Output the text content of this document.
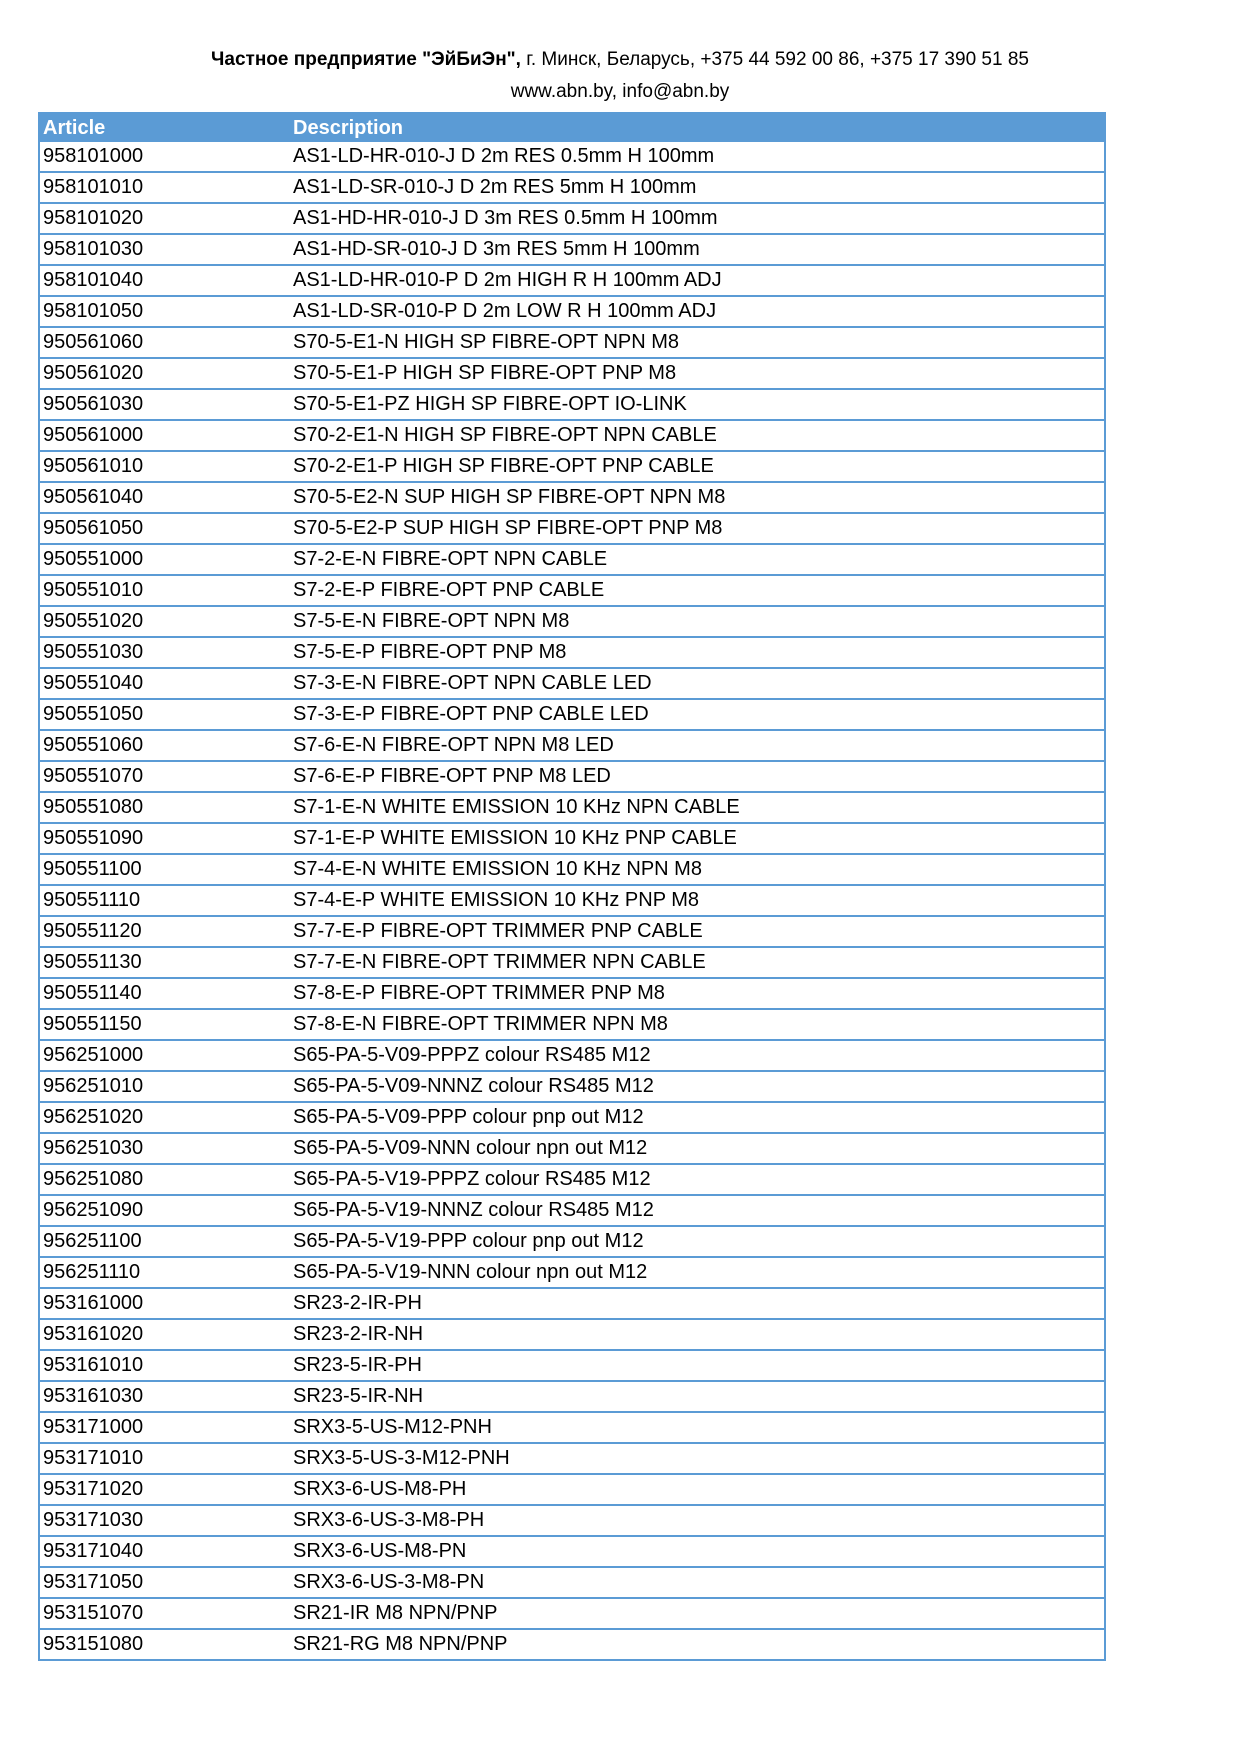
Частное предприятие "ЭйБиЭн", г. Минск, Беларусь, +375 44 592 00 86, +375 17 390 51 85
www.abn.by, info@abn.by
Article	Description
958101000	AS1-LD-HR-010-J D 2m RES 0.5mm H 100mm
958101010	AS1-LD-SR-010-J D 2m RES 5mm H 100mm
958101020	AS1-HD-HR-010-J D 3m RES 0.5mm H 100mm
958101030	AS1-HD-SR-010-J D 3m RES 5mm H 100mm
958101040	AS1-LD-HR-010-P D 2m HIGH R H 100mm ADJ
958101050	AS1-LD-SR-010-P D 2m LOW R H 100mm ADJ
950561060	S70-5-E1-N HIGH SP FIBRE-OPT NPN M8
950561020	S70-5-E1-P HIGH SP FIBRE-OPT PNP M8
950561030	S70-5-E1-PZ HIGH SP FIBRE-OPT IO-LINK
950561000	S70-2-E1-N HIGH SP FIBRE-OPT NPN CABLE
950561010	S70-2-E1-P HIGH SP FIBRE-OPT PNP CABLE
950561040	S70-5-E2-N SUP HIGH SP FIBRE-OPT NPN M8
950561050	S70-5-E2-P SUP HIGH SP FIBRE-OPT PNP M8
950551000	S7-2-E-N FIBRE-OPT NPN CABLE
950551010	S7-2-E-P FIBRE-OPT PNP CABLE
950551020	S7-5-E-N FIBRE-OPT NPN M8
950551030	S7-5-E-P FIBRE-OPT PNP M8
950551040	S7-3-E-N FIBRE-OPT NPN CABLE LED
950551050	S7-3-E-P FIBRE-OPT PNP CABLE LED
950551060	S7-6-E-N FIBRE-OPT NPN M8 LED
950551070	S7-6-E-P FIBRE-OPT PNP M8 LED
950551080	S7-1-E-N WHITE EMISSION 10 KHz NPN CABLE
950551090	S7-1-E-P WHITE EMISSION 10 KHz PNP CABLE
950551100	S7-4-E-N WHITE EMISSION 10 KHz NPN M8
950551110	S7-4-E-P WHITE EMISSION 10 KHz PNP M8
950551120	S7-7-E-P FIBRE-OPT TRIMMER PNP CABLE
950551130	S7-7-E-N FIBRE-OPT TRIMMER NPN CABLE
950551140	S7-8-E-P FIBRE-OPT TRIMMER PNP M8
950551150	S7-8-E-N FIBRE-OPT TRIMMER NPN M8
956251000	S65-PA-5-V09-PPPZ colour RS485 M12
956251010	S65-PA-5-V09-NNNZ colour RS485 M12
956251020	S65-PA-5-V09-PPP colour pnp out M12
956251030	S65-PA-5-V09-NNN colour npn out M12
956251080	S65-PA-5-V19-PPPZ colour RS485 M12
956251090	S65-PA-5-V19-NNNZ colour RS485 M12
956251100	S65-PA-5-V19-PPP colour pnp out M12
956251110	S65-PA-5-V19-NNN colour npn out M12
953161000	SR23-2-IR-PH
953161020	SR23-2-IR-NH
953161010	SR23-5-IR-PH
953161030	SR23-5-IR-NH
953171000	SRX3-5-US-M12-PNH
953171010	SRX3-5-US-3-M12-PNH
953171020	SRX3-6-US-M8-PH
953171030	SRX3-6-US-3-M8-PH
953171040	SRX3-6-US-M8-PN
953171050	SRX3-6-US-3-M8-PN
953151070	SR21-IR M8 NPN/PNP
953151080	SR21-RG M8 NPN/PNP
